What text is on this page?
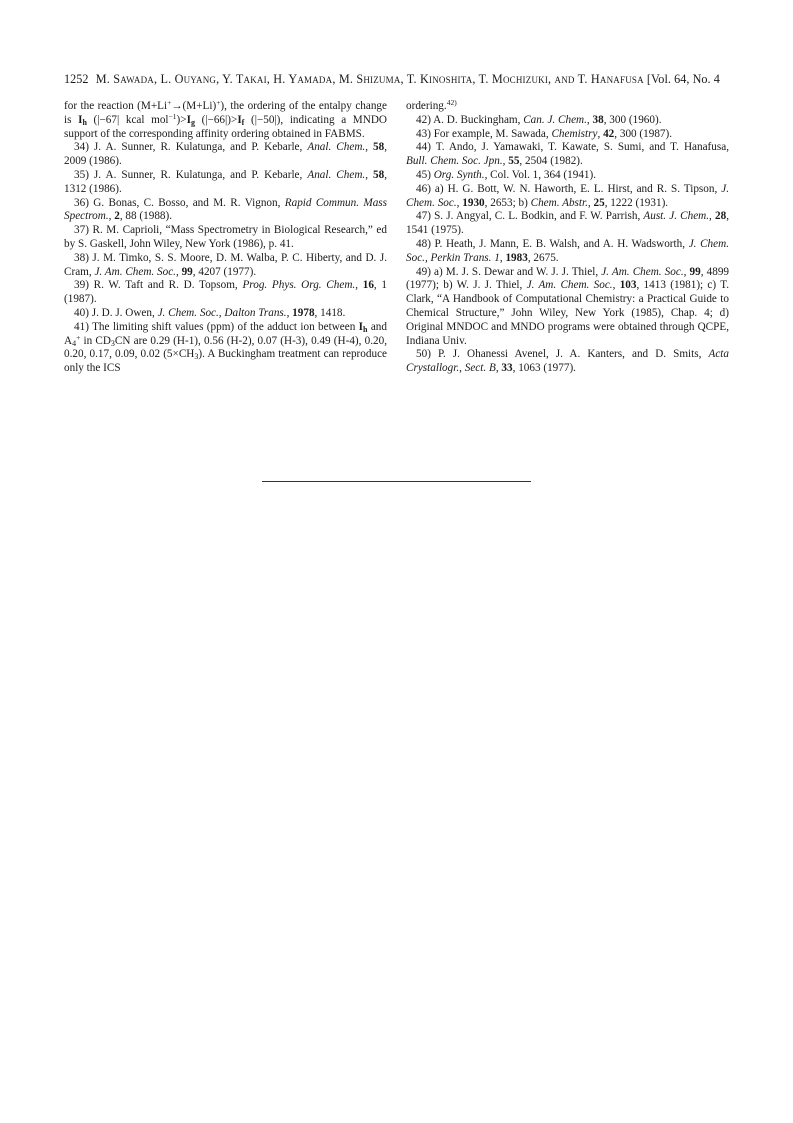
1252 M. Sawada, L. Ouyang, Y. Takai, H. Yamada, M. Shizuma, T. Kinoshita, T. Mochizuki, and T. Hanafusa [Vol. 64, No. 4

for the reaction (M+Li+→(M+Li)+), the ordering of the entalpy change is $I_h$ (|−67| kcal $mol^{-1})>I_g$ $(|-66|)>I_f$ (|−50|), indicating a MNDO support of the corresponding affinity ordering obtained in FABMS.

34) J. A. Sunner, R. Kulatunga, and P. Kebarle, Anal. Chem., 58, 2009 (1986).

35) J. A. Sunner, R. Kulatunga, and P. Kebarle, Anal. Chem., 58, 1312 (1986).

36) G. Bonas, C. Bosso, and M. R. Vignon, Rapid Commun. Mass Spectrom., 2, 88 (1988).

37) R. M. Caprioli, “Mass Spectrometry in Biological Research,” ed by S. Gaskell, John Wiley, New York (1986), p. 41.

38) J. M. Timko, S. S. Moore, D. M. Walba, P. C. Hiberty, and D. J. Cram, J. Am. Chem. Soc., 99, 4207 (1977).

39) R. W. Taft and R. D. Topsom, Prog. Phys. Org. Chem., 16, 1 (1987).

40) J. D. J. Owen, J. Chem. Soc., Dalton Trans., 1978, 1418.

41) The limiting shift values (ppm) of the adduct ion between $I_h$ and $A_4^+$ in $CD_3CN$ are 0.29 (H-1), 0.56 (H-2), 0.07 (H-3), 0.49 (H-4), 0.20, 0.20, 0.17, 0.09, 0.02 $(5\times CH_3)$. A Buckingham treatment can reproduce only the ICS

ordering.$^{42)}$

42) A. D. Buckingham, Can. J. Chem., 38, 300 (1960).

43) For example, M. Sawada, Chemistry, 42, 300 (1987).

44) T. Ando, J. Yamawaki, T. Kawate, S. Sumi, and T. Hanafusa, Bull. Chem. Soc. Jpn., 55, 2504 (1982).

45) Org. Synth., Col. Vol. 1, 364 (1941).

46) a) H. G. Bott, W. N. Haworth, E. L. Hirst, and R. S. Tipson, J. Chem. Soc., 1930, 2653; b) Chem. Abstr., 25, 1222 (1931).

47) S. J. Angyal, C. L. Bodkin, and F. W. Parrish, Aust. J. Chem., 28, 1541 (1975).

48) P. Heath, J. Mann, E. B. Walsh, and A. H. Wadsworth, J. Chem. Soc., Perkin Trans. 1, 1983, 2675.

49) a) M. J. S. Dewar and W. J. J. Thiel, J. Am. Chem. Soc., 99, 4899 (1977); b) W. J. J. Thiel, J. Am. Chem. Soc., 103, 1413 (1981); c) T. Clark, “A Handbook of Computational Chemistry: a Practical Guide to Chemical Structure,” John Wiley, New York (1985), Chap. 4; d) Original MNDOC and MNDO programs were obtained through QCPE, Indiana Univ.

50) P. J. Ohanessi Avenel, J. A. Kanters, and D. Smits, Acta Crystallogr., Sect. B, 33, 1063 (1977).
